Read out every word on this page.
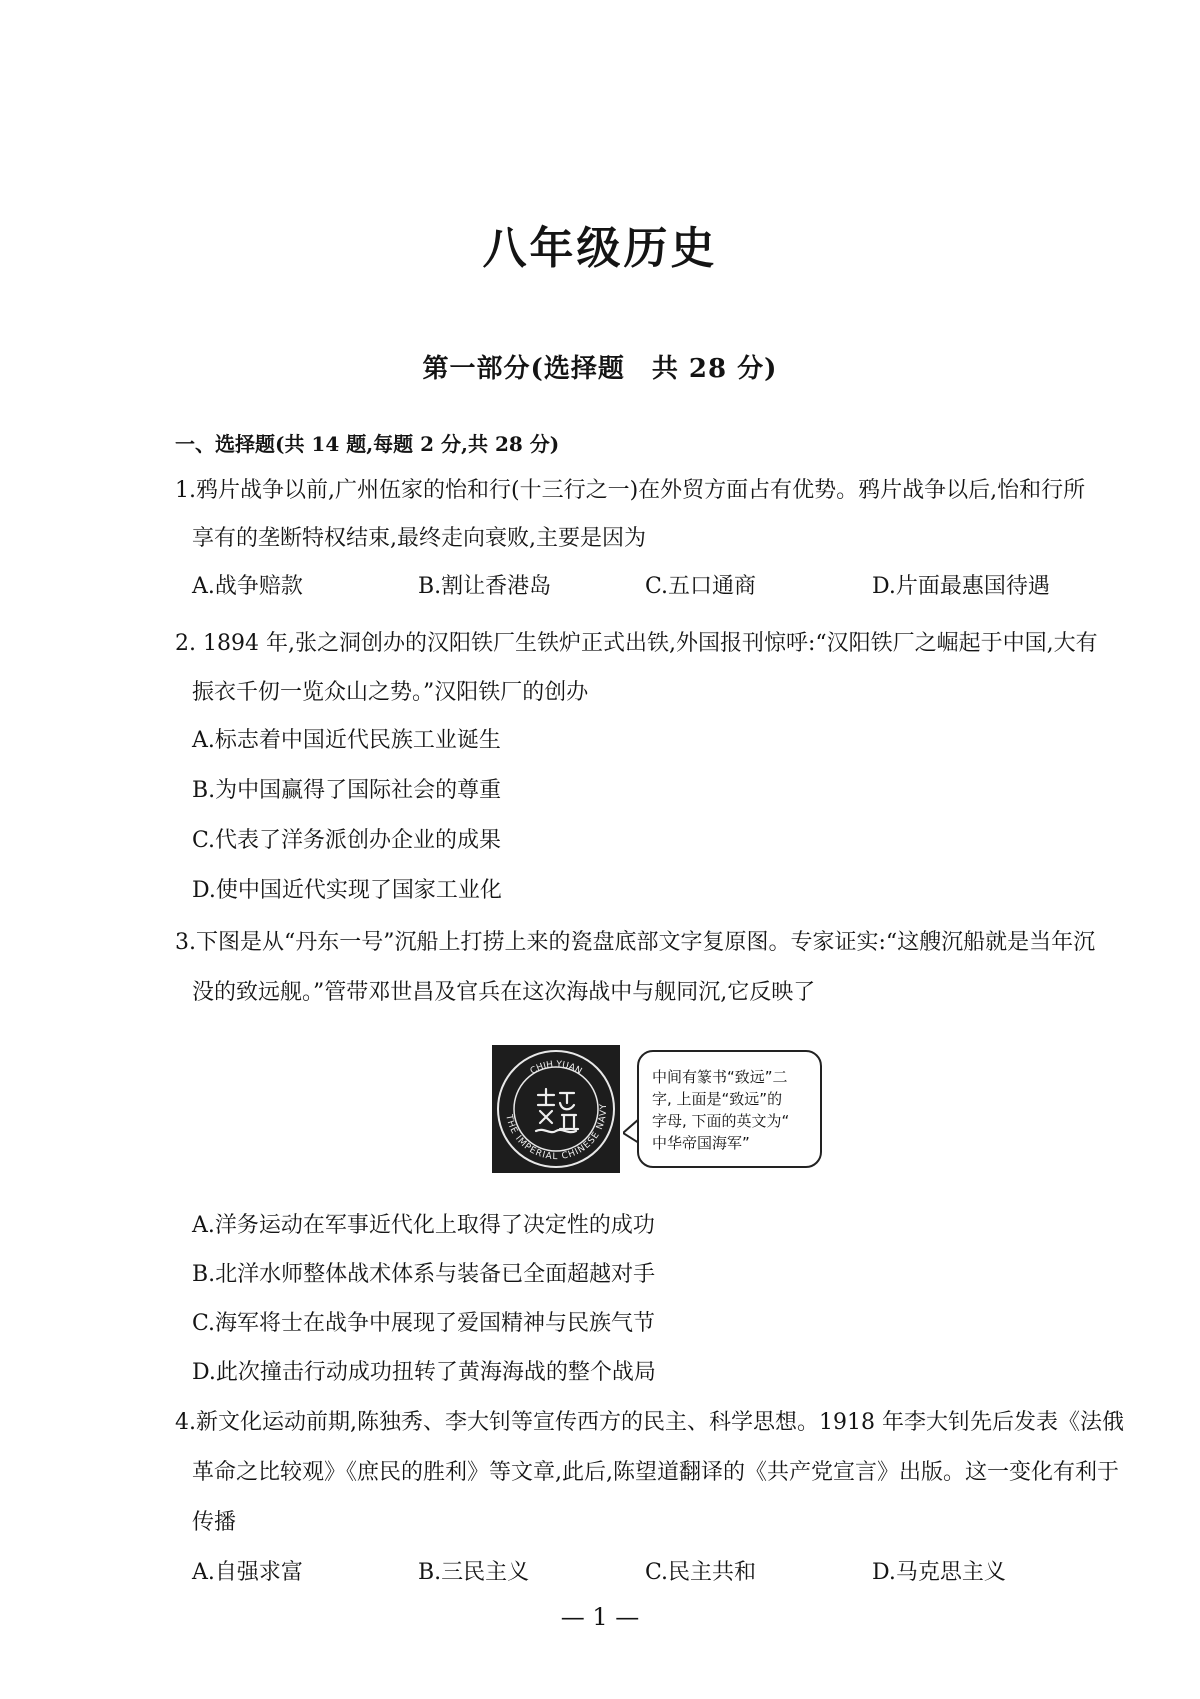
八年级历史
第一部分(选择题　共 28 分)
一、选择题(共 14 题,每题 2 分,共 28 分)
1.鸦片战争以前,广州伍家的怡和行(十三行之一)在外贸方面占有优势。鸦片战争以后,怡和行所
享有的垄断特权结束,最终走向衰败,主要是因为
A.战争赔款	B.割让香港岛	C.五口通商	D.片面最惠国待遇
2. 1894 年,张之洞创办的汉阳铁厂生铁炉正式出铁,外国报刊惊呼:“汉阳铁厂之崛起于中国,大有
振衣千仞一览众山之势。”汉阳铁厂的创办
A.标志着中国近代民族工业诞生
B.为中国赢得了国际社会的尊重
C.代表了洋务派创办企业的成果
D.使中国近代实现了国家工业化
3.下图是从“丹东一号”沉船上打捞上来的瓷盘底部文字复原图。专家证实:“这艘沉船就是当年沉
没的致远舰。”管带邓世昌及官兵在这次海战中与舰同沉,它反映了
THE IMPERIAL CHINESE NAVY
CHIH YUAN	中间有篆书“致远”二
字, 上面是“致远”的
字母, 下面的英文为“
中华帝国海军”
A.洋务运动在军事近代化上取得了决定性的成功
B.北洋水师整体战术体系与装备已全面超越对手
C.海军将士在战争中展现了爱国精神与民族气节
D.此次撞击行动成功扭转了黄海海战的整个战局
4.新文化运动前期,陈独秀、李大钊等宣传西方的民主、科学思想。1918 年李大钊先后发表《法俄
革命之比较观》《庶民的胜利》等文章,此后,陈望道翻译的《共产党宣言》出版。这一变化有利于
传播
A.自强求富	B.三民主义	C.民主共和	D.马克思主义
— 1 —
